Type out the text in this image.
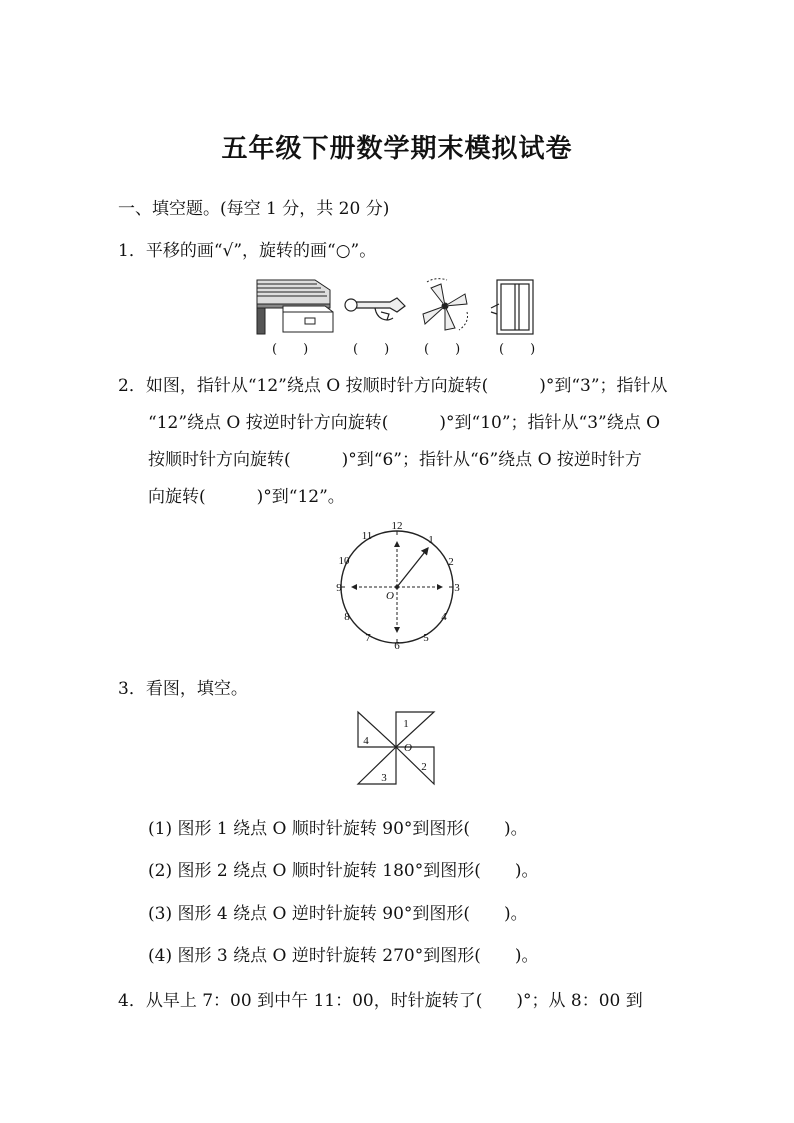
五年级下册数学期末模拟试卷
一、填空题。(每空 1 分，共 20 分)
1．平移的画“√”，旋转的画“○”。
(　　)	(　　)	(　　)	(　　)
2．如图，指针从“12”绕点 O 按顺时针方向旋转(　　　)°到“3”；指针从
“12”绕点 O 按逆时针方向旋转(　　　)°到“10”；指针从“3”绕点 O
按顺时针方向旋转(　　　)°到“6”；指针从“6”绕点 O 按逆时针方
向旋转(　　　)°到“12”。
12
1
2
3
4
5
6
7
8
9
10
11
O
3．看图，填空。
1
2
3
4
O
(1) 图形 1 绕点 O 顺时针旋转 90°到图形(　　)。
(2) 图形 2 绕点 O 顺时针旋转 180°到图形(　　)。
(3) 图形 4 绕点 O 逆时针旋转 90°到图形(　　)。
(4) 图形 3 绕点 O 逆时针旋转 270°到图形(　　)。
4．从早上 7：00 到中午 11：00，时针旋转了(　　)°；从 8：00 到
